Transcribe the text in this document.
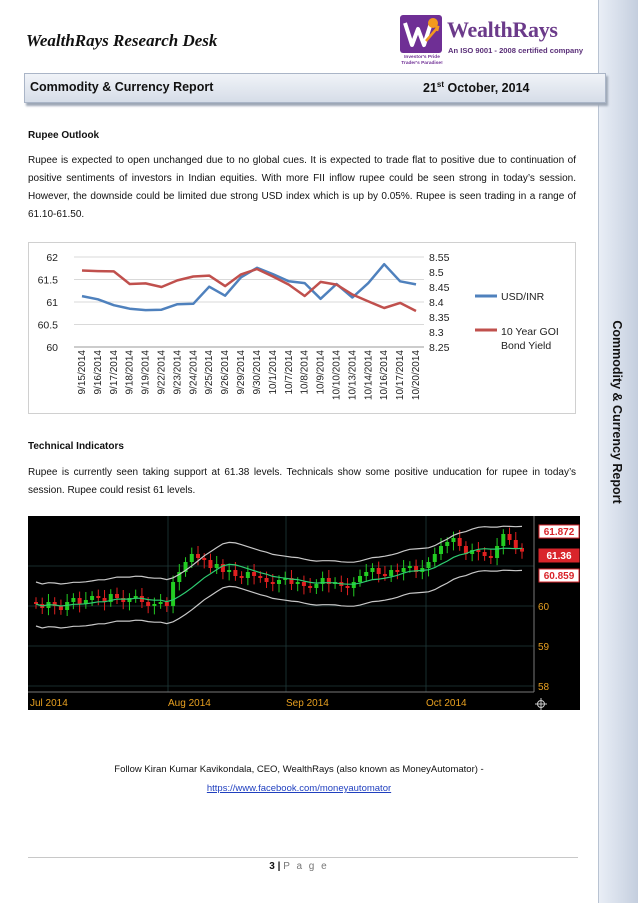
Commodity & Currency Report
WealthRays Research Desk	WealthRays
An ISO 9001 - 2008 certified company
Investor's Pride Trader's Paradise!
Commodity & Currency Report	21st October, 2014
Rupee Outlook
Rupee is expected to open unchanged due to no global cues. It is expected to trade flat to positive due to continuation of positive sentiments of investors in Indian equities. With more FII inflow rupee could be seen strong in today’s session. However, the downside could be limited due strong USD index which is up by 0.05%. Rupee is seen trading in a range of 61.10-61.50.
60
60.5
61
61.5
62
8.25
8.3
8.35
8.4
8.45
8.5
8.55
9/15/2014 9/16/2014 9/17/2014 9/18/2014 9/19/2014 9/22/2014 9/23/2014 9/24/2014 9/25/2014 9/26/2014 9/29/2014 9/30/2014 10/1/2014 10/7/2014 10/8/2014 10/9/2014 10/10/2014 10/13/2014 10/14/2014 10/16/2014 10/17/2014 10/20/2014
USD/INR
10 Year GOI
Bond Yield
Technical Indicators
Rupee is currently seen taking support at 61.38 levels. Technicals show some positive unducation for rupee in today’s session. Rupee could resist 61 levels.
58
59
60
61.872
61.36
60.859
Jul 2014	Aug 2014	Sep 2014	Oct 2014
Follow Kiran Kumar Kavikondala, CEO, WealthRays (also known as MoneyAutomator) -
https://www.facebook.com/moneyautomator
3 | P a g e
